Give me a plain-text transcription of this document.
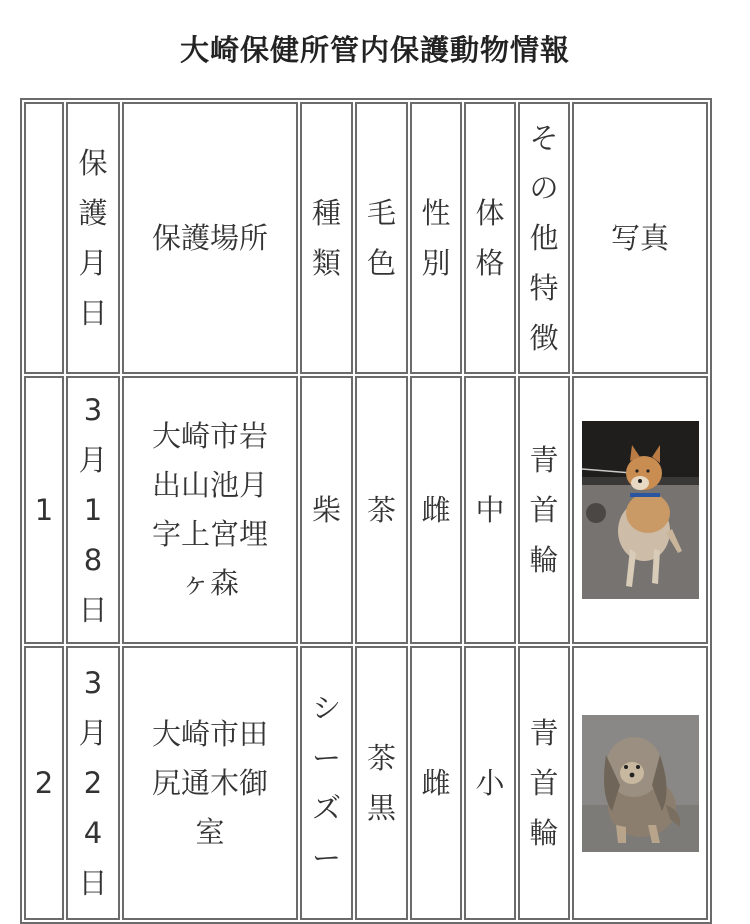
大崎保健所管内保護動物情報

	保護月日	保護場所	種類	毛色	性別	体格	その他特徴	写真
1	3月18日	大崎市岩出山池月字上宮埋ヶ森	柴	茶	雌	中	青首輪

2	3月24日	大崎市田尻通木御室	シーズー	茶黒	雌	小	青首輪
